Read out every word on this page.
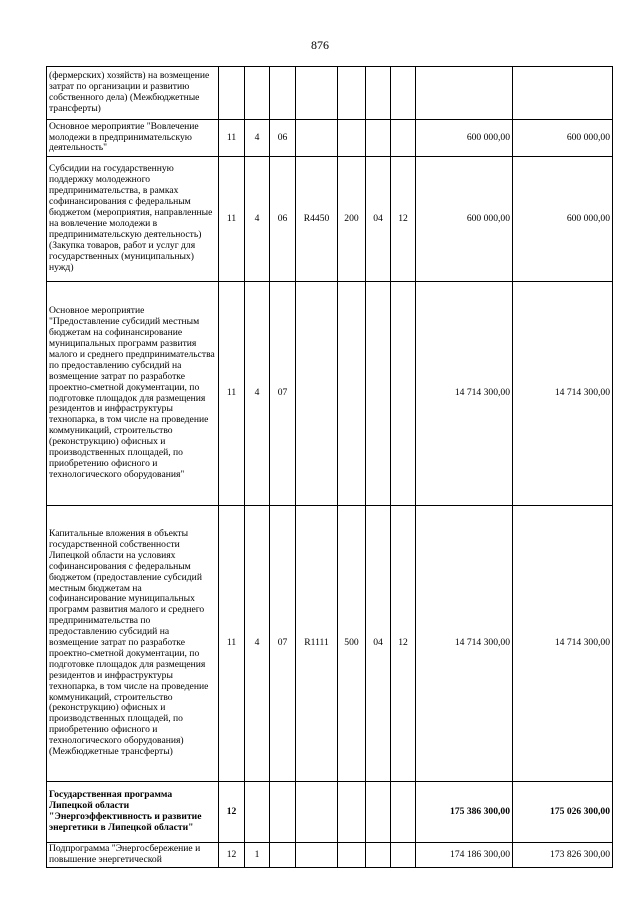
876
(фермерских) хозяйств) на возмещение затрат по организации и развитию собственного дела) (Межбюджетные трансферты)									
Основное мероприятие "Вовлечение молодежи в предпринимательскую деятельность"	11	4	06					600 000,00	600 000,00
Субсидии на государственную поддержку молодежного предпринимательства, в рамках софинансирования с федеральным бюджетом (мероприятия, направленные на вовлечение молодежи в предпринимательскую деятельность) (Закупка товаров, работ и услуг для государственных (муниципальных) нужд)	11	4	06	R4450	200	04	12	600 000,00	600 000,00
Основное мероприятие "Предоставление субсидий местным бюджетам на софинансирование муниципальных программ развития малого и среднего предпринимательства по предоставлению субсидий на возмещение затрат по разработке проектно-сметной документации, по подготовке площадок для размещения резидентов и инфраструктуры технопарка, в том числе на проведение коммуникаций, строительство (реконструкцию) офисных и производственных площадей, по приобретению офисного и технологического оборудования"	11	4	07					14 714 300,00	14 714 300,00
Капитальные вложения в объекты государственной собственности Липецкой области на условиях софинансирования с федеральным бюджетом (предоставление субсидий местным бюджетам на софинансирование муниципальных программ развития малого и среднего предпринимательства по предоставлению субсидий на возмещение затрат по разработке проектно-сметной документации, по подготовке площадок для размещения резидентов и инфраструктуры технопарка, в том числе на проведение коммуникаций, строительство (реконструкцию) офисных и производственных площадей, по приобретению офисного и технологического оборудования) (Межбюджетные трансферты)	11	4	07	R1111	500	04	12	14 714 300,00	14 714 300,00
Государственная программа Липецкой области "Энергоэффективность и развитие энергетики в Липецкой области"	12							175 386 300,00	175 026 300,00
Подпрограмма "Энергосбережение и повышение энергетической	12	1						174 186 300,00	173 826 300,00
